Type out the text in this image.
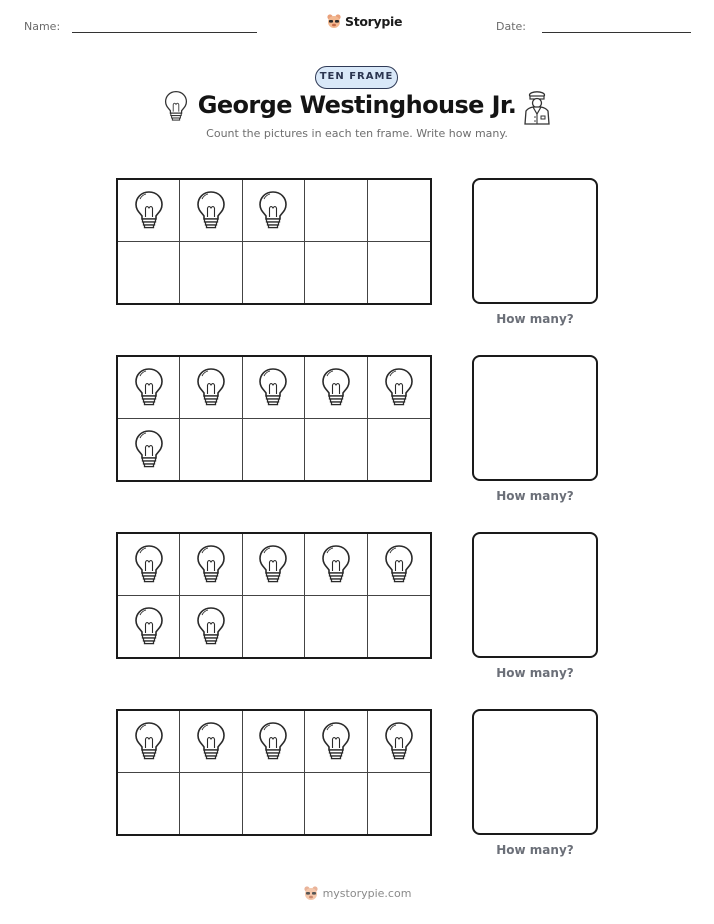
Name:	Storypie	Date:
TEN FRAME
George Westinghouse Jr.
Count the pictures in each ten frame. Write how many.
How many?
How many?
How many?
How many?
mystorypie.com
